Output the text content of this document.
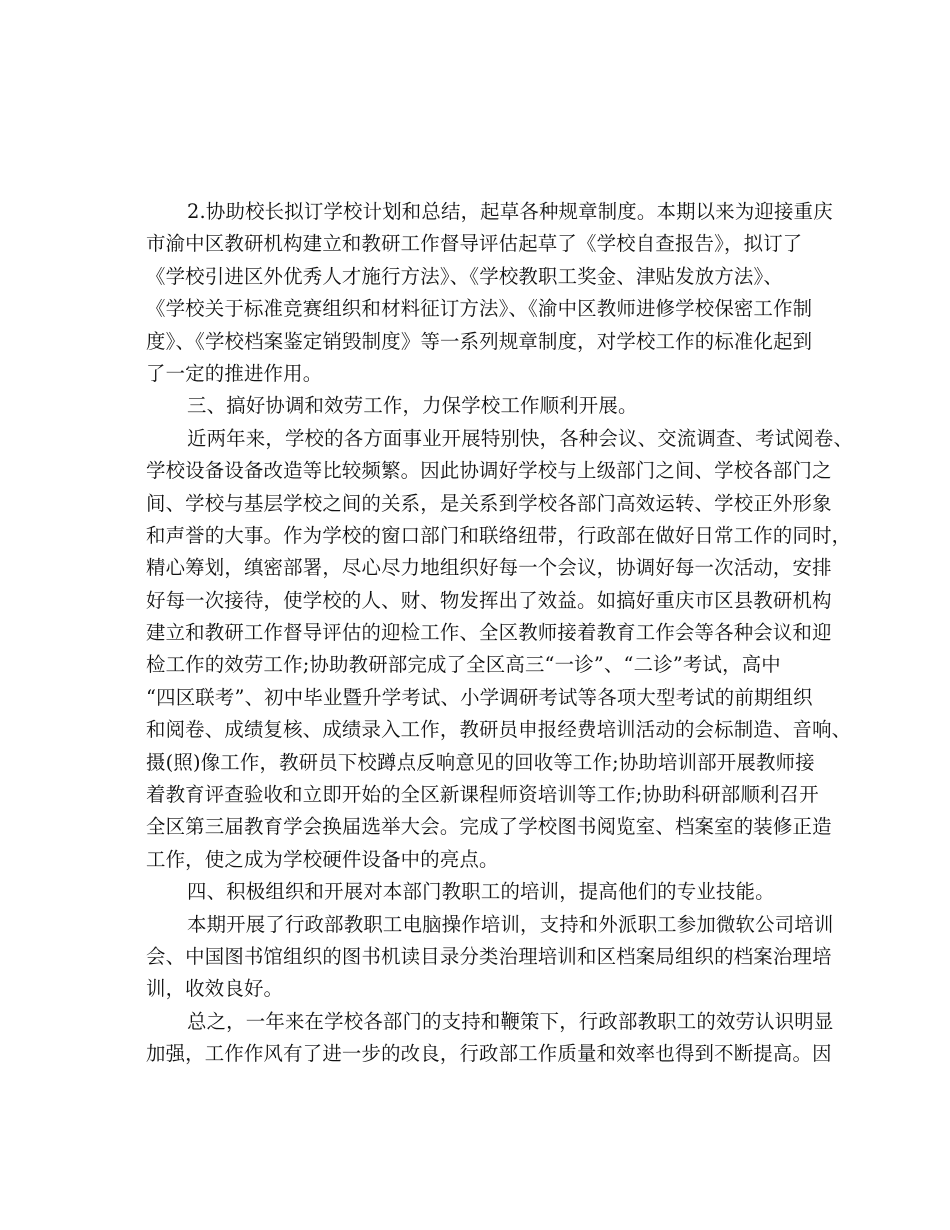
2.协助校长拟订学校计划和总结，起草各种规章制度。本期以来为迎接重庆
市渝中区教研机构建立和教研工作督导评估起草了《学校自查报告》，拟订了
《学校引进区外优秀人才施行方法》、《学校教职工奖金、津贴发放方法》、
《学校关于标准竞赛组织和材料征订方法》、《渝中区教师进修学校保密工作制
度》、《学校档案鉴定销毁制度》等一系列规章制度，对学校工作的标准化起到
了一定的推进作用。
三、搞好协调和效劳工作，力保学校工作顺利开展。
近两年来，学校的各方面事业开展特别快，各种会议、交流调查、考试阅卷、
学校设备设备改造等比较频繁。因此协调好学校与上级部门之间、学校各部门之
间、学校与基层学校之间的关系，是关系到学校各部门高效运转、学校正外形象
和声誉的大事。作为学校的窗口部门和联络纽带，行政部在做好日常工作的同时，
精心筹划，缜密部署，尽心尽力地组织好每一个会议，协调好每一次活动，安排
好每一次接待，使学校的人、财、物发挥出了效益。如搞好重庆市区县教研机构
建立和教研工作督导评估的迎检工作、全区教师接着教育工作会等各种会议和迎
检工作的效劳工作;协助教研部完成了全区高三“一诊”、“二诊”考试，高中
“四区联考”、初中毕业暨升学考试、小学调研考试等各项大型考试的前期组织
和阅卷、成绩复核、成绩录入工作，教研员申报经费培训活动的会标制造、音响、
摄(照)像工作，教研员下校蹲点反响意见的回收等工作;协助培训部开展教师接
着教育评查验收和立即开始的全区新课程师资培训等工作;协助科研部顺利召开
全区第三届教育学会换届选举大会。完成了学校图书阅览室、档案室的装修正造
工作，使之成为学校硬件设备中的亮点。
四、积极组织和开展对本部门教职工的培训，提高他们的专业技能。
本期开展了行政部教职工电脑操作培训，支持和外派职工参加微软公司培训
会、中国图书馆组织的图书机读目录分类治理培训和区档案局组织的档案治理培
训，收效良好。
总之，一年来在学校各部门的支持和鞭策下，行政部教职工的效劳认识明显
加强，工作作风有了进一步的改良，行政部工作质量和效率也得到不断提高。因
